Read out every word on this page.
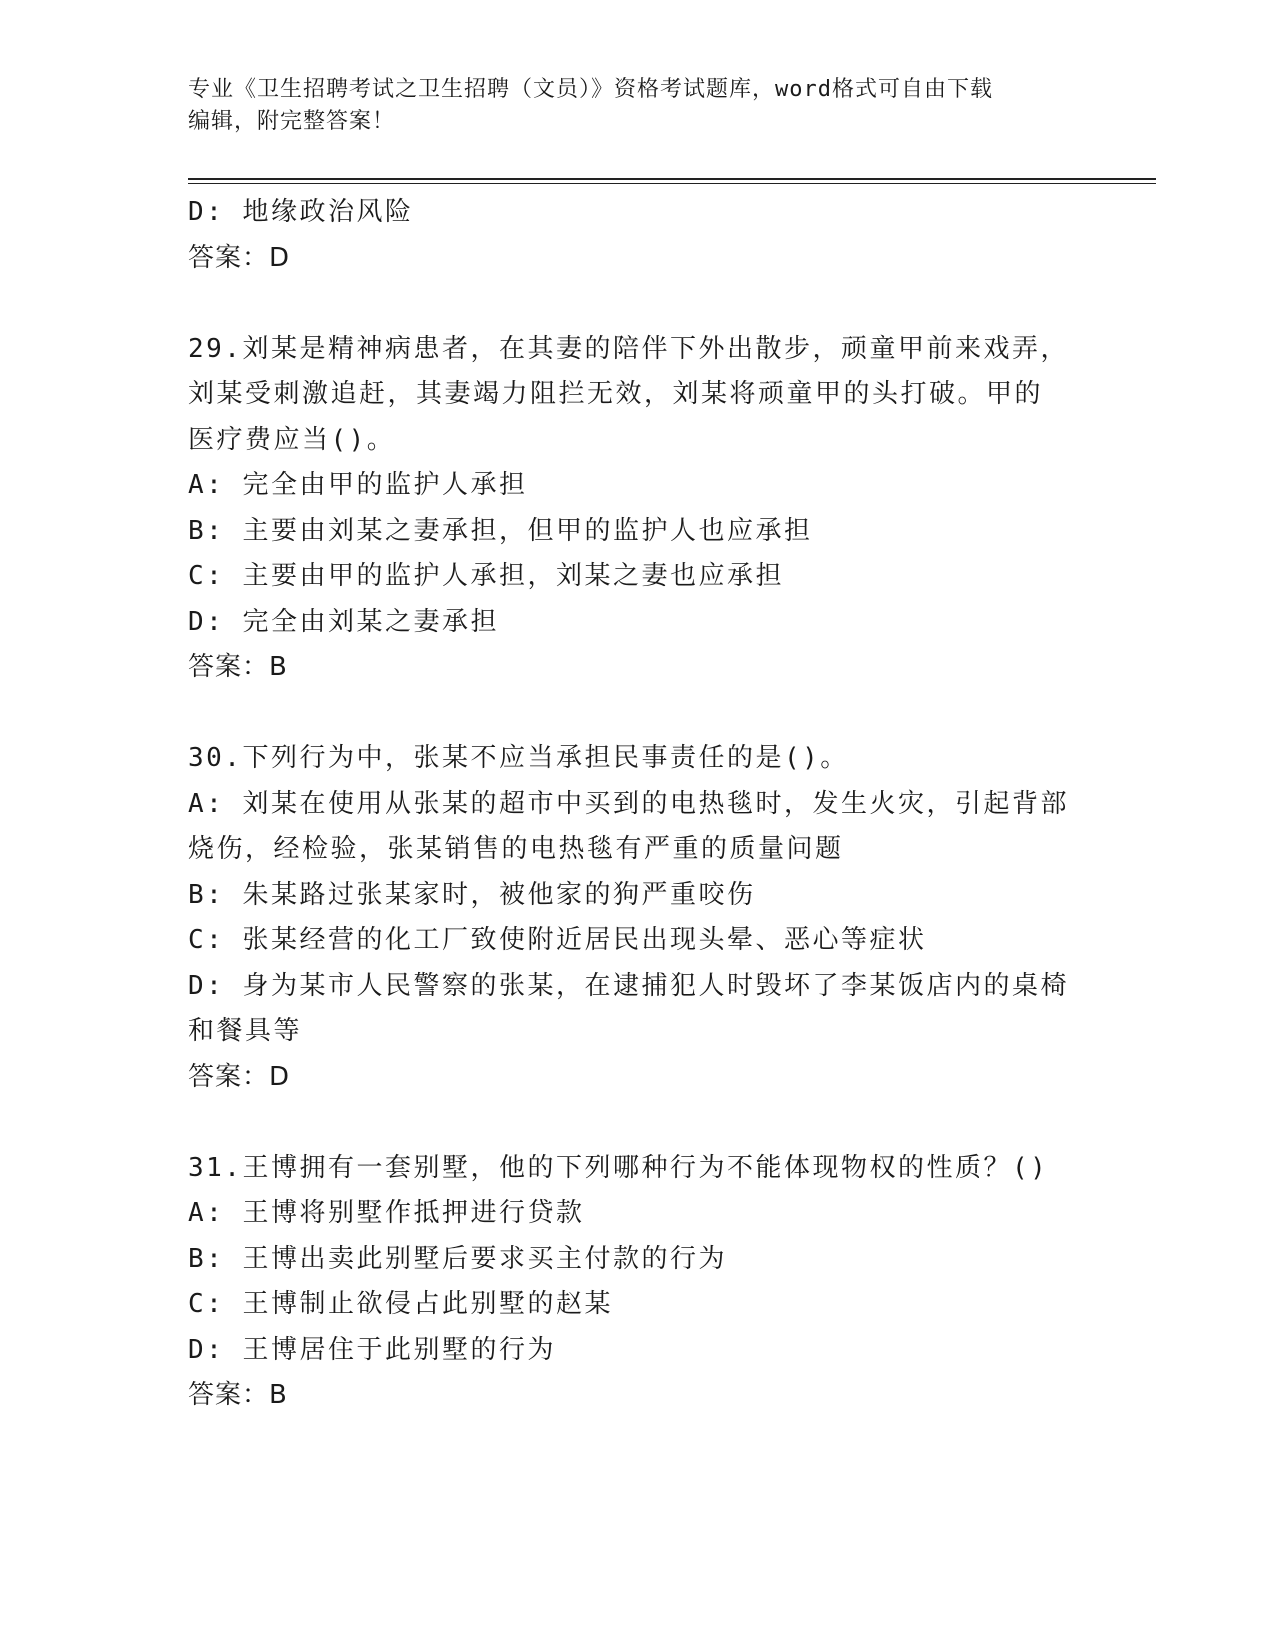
专业《卫生招聘考试之卫生招聘（文员）》资格考试题库，word格式可自由下载
编辑，附完整答案！
D: 地缘政治风险
答案：D
29.刘某是精神病患者，在其妻的陪伴下外出散步，顽童甲前来戏弄，
刘某受刺激追赶，其妻竭力阻拦无效，刘某将顽童甲的头打破。甲的
医疗费应当()。
A: 完全由甲的监护人承担
B: 主要由刘某之妻承担，但甲的监护人也应承担
C: 主要由甲的监护人承担，刘某之妻也应承担
D: 完全由刘某之妻承担
答案：B
30.下列行为中，张某不应当承担民事责任的是()。
A: 刘某在使用从张某的超市中买到的电热毯时，发生火灾，引起背部
烧伤，经检验，张某销售的电热毯有严重的质量问题
B: 朱某路过张某家时，被他家的狗严重咬伤
C: 张某经营的化工厂致使附近居民出现头晕、恶心等症状
D: 身为某市人民警察的张某，在逮捕犯人时毁坏了李某饭店内的桌椅
和餐具等
答案：D
31.王博拥有一套别墅，他的下列哪种行为不能体现物权的性质？()
A: 王博将别墅作抵押进行贷款
B: 王博出卖此别墅后要求买主付款的行为
C: 王博制止欲侵占此别墅的赵某
D: 王博居住于此别墅的行为
答案：B
